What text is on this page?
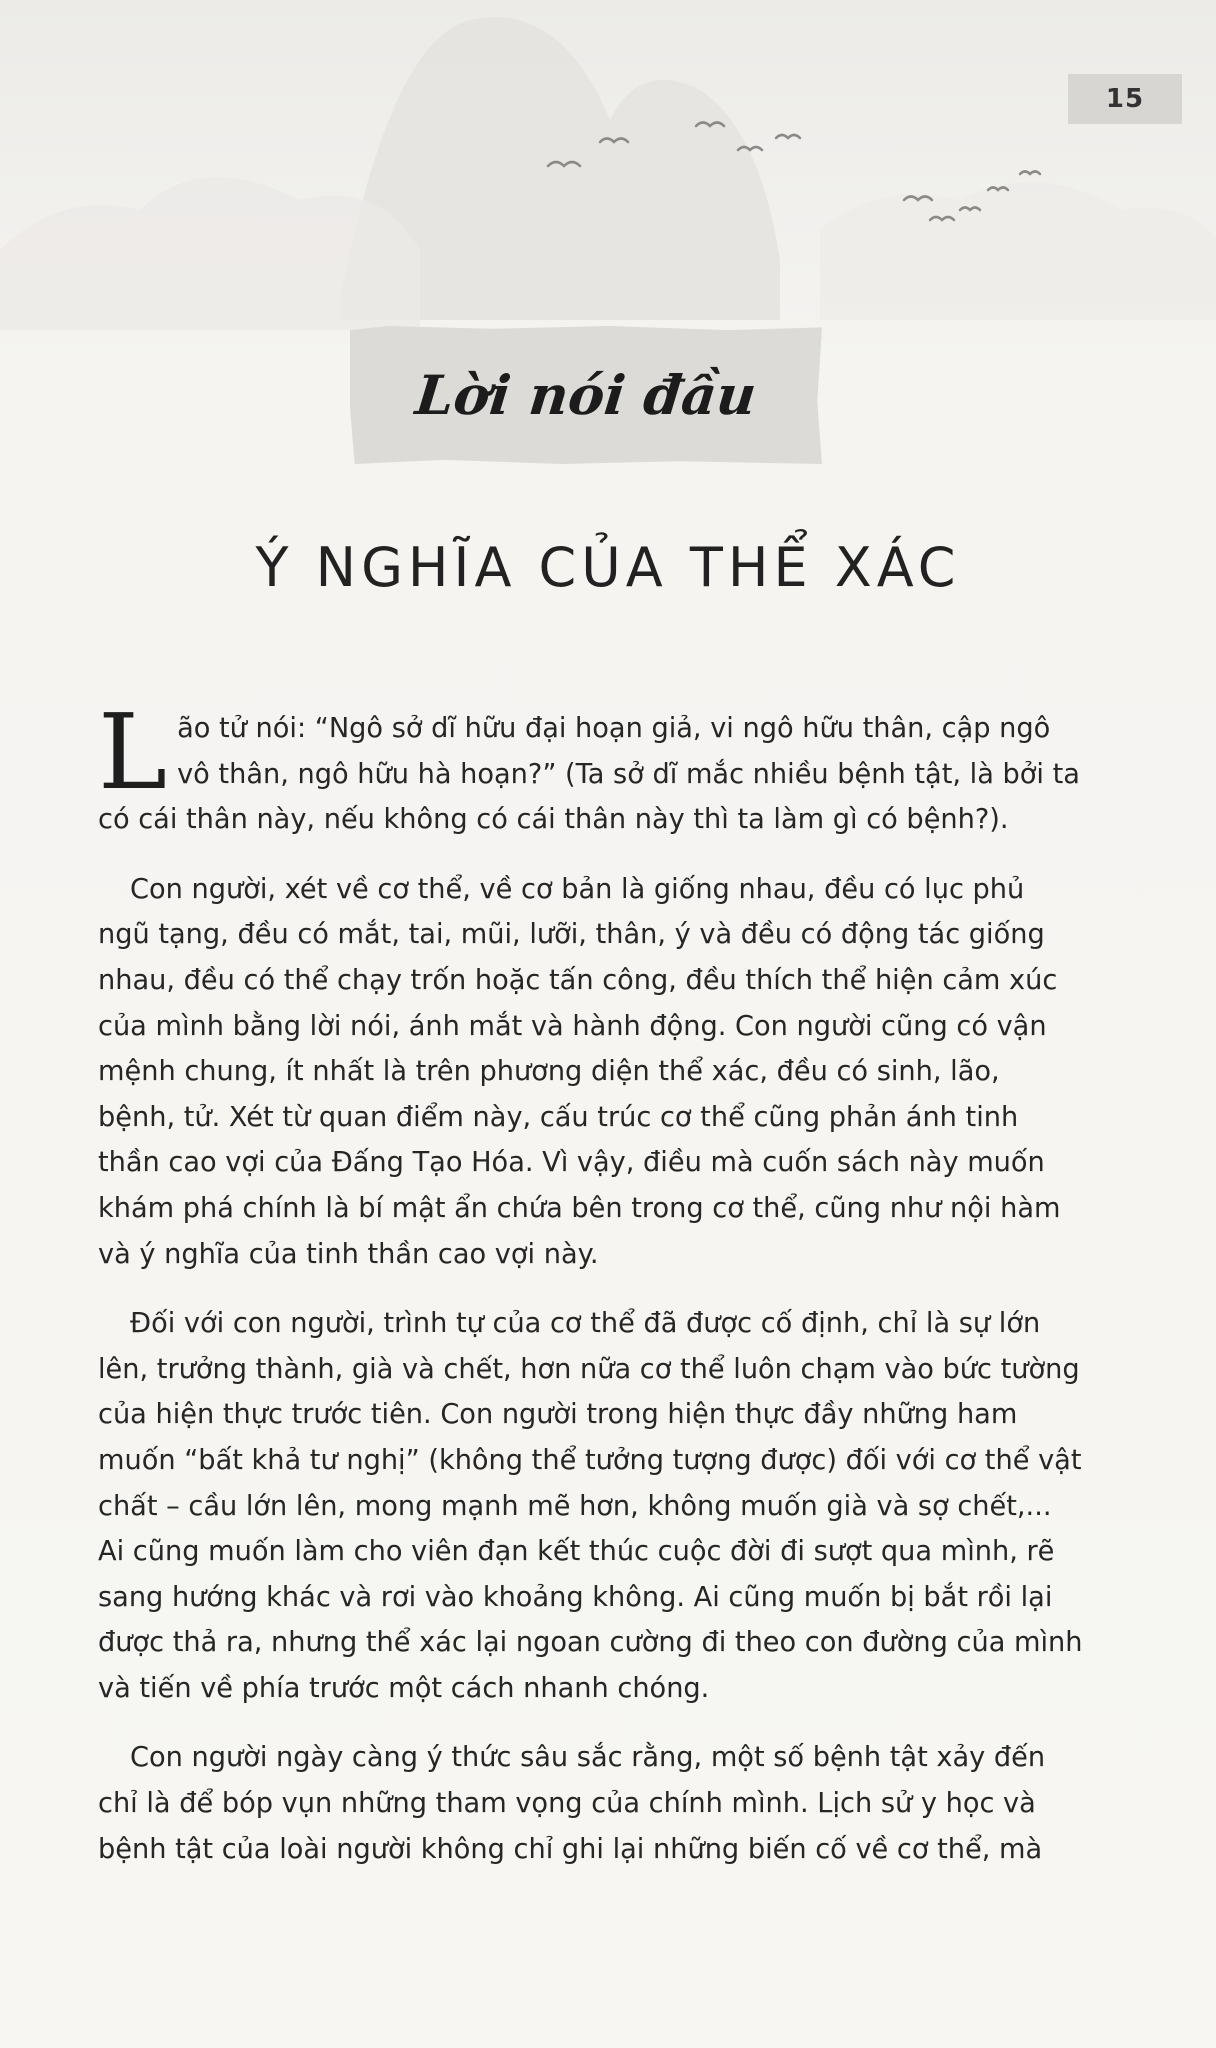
15
Lời nói đầu
Ý NGHĨA CỦA THỂ XÁC

Lão tử nói: “Ngô sở dĩ hữu đại hoạn giả, vi ngô hữu thân, cập ngô vô thân, ngô hữu hà hoạn?” (Ta sở dĩ mắc nhiều bệnh tật, là bởi ta có cái thân này, nếu không có cái thân này thì ta làm gì có bệnh?).

Con người, xét về cơ thể, về cơ bản là giống nhau, đều có lục phủ ngũ tạng, đều có mắt, tai, mũi, lưỡi, thân, ý và đều có động tác giống nhau, đều có thể chạy trốn hoặc tấn công, đều thích thể hiện cảm xúc của mình bằng lời nói, ánh mắt và hành động. Con người cũng có vận mệnh chung, ít nhất là trên phương diện thể xác, đều có sinh, lão, bệnh, tử. Xét từ quan điểm này, cấu trúc cơ thể cũng phản ánh tinh thần cao vợi của Đấng Tạo Hóa. Vì vậy, điều mà cuốn sách này muốn khám phá chính là bí mật ẩn chứa bên trong cơ thể, cũng như nội hàm và ý nghĩa của tinh thần cao vợi này.

Đối với con người, trình tự của cơ thể đã được cố định, chỉ là sự lớn lên, trưởng thành, già và chết, hơn nữa cơ thể luôn chạm vào bức tường của hiện thực trước tiên. Con người trong hiện thực đầy những ham muốn “bất khả tư nghị” (không thể tưởng tượng được) đối với cơ thể vật chất – cầu lớn lên, mong mạnh mẽ hơn, không muốn già và sợ chết,... Ai cũng muốn làm cho viên đạn kết thúc cuộc đời đi sượt qua mình, rẽ sang hướng khác và rơi vào khoảng không. Ai cũng muốn bị bắt rồi lại được thả ra, nhưng thể xác lại ngoan cường đi theo con đường của mình và tiến về phía trước một cách nhanh chóng.

Con người ngày càng ý thức sâu sắc rằng, một số bệnh tật xảy đến chỉ là để bóp vụn những tham vọng của chính mình. Lịch sử y học và bệnh tật của loài người không chỉ ghi lại những biến cố về cơ thể, mà
